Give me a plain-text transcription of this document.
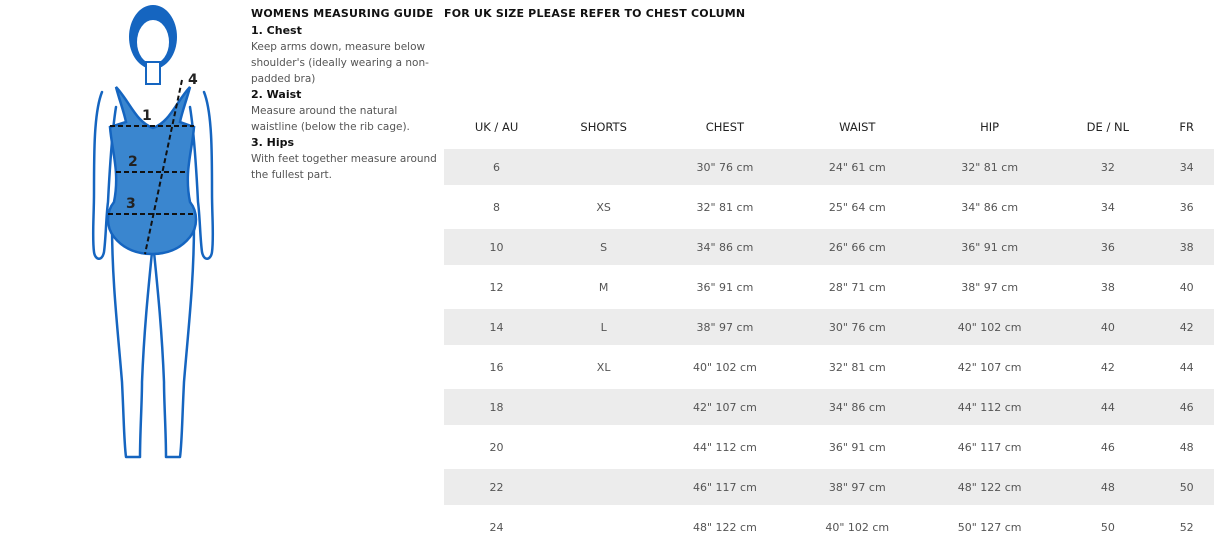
1
2
3
4
WOMENS MEASURING GUIDE
1. Chest
Keep arms down, measure below shoulder's (ideally wearing a non-padded bra)
2. Waist
Measure around the natural waistline (below the rib cage).
3. Hips
With feet together measure around the fullest part.
FOR UK SIZE PLEASE REFER TO CHEST COLUMN
UK / AU	SHORTS	CHEST	WAIST	HIP	DE / NL	FR
6		30" 76 cm	24" 61 cm	32" 81 cm	32	34
8	XS	32" 81 cm	25" 64 cm	34" 86 cm	34	36
10	S	34" 86 cm	26" 66 cm	36" 91 cm	36	38
12	M	36" 91 cm	28" 71 cm	38" 97 cm	38	40
14	L	38" 97 cm	30" 76 cm	40" 102 cm	40	42
16	XL	40" 102 cm	32" 81 cm	42" 107 cm	42	44
18		42" 107 cm	34" 86 cm	44" 112 cm	44	46
20		44" 112 cm	36" 91 cm	46" 117 cm	46	48
22		46" 117 cm	38" 97 cm	48" 122 cm	48	50
24		48" 122 cm	40" 102 cm	50" 127 cm	50	52
